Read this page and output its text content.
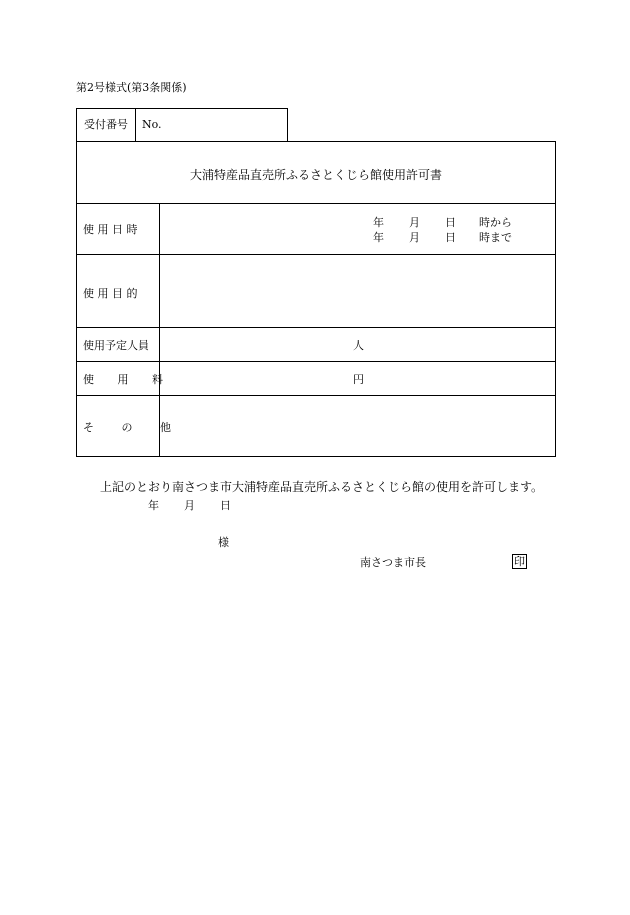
第2号様式(第3条関係)
受付番号	No.
大浦特産品直売所ふるさとくじら館使用許可書
使 用 日 時
年 月 日 時から
年 月 日 時まで
使 用 目 的
使用予定人員	人
使 用 料	円
そ の 他
上記のとおり南さつま市大浦特産品直売所ふるさとくじら館の使用を許可します。
年 月 日
様
南さつま市長	印
